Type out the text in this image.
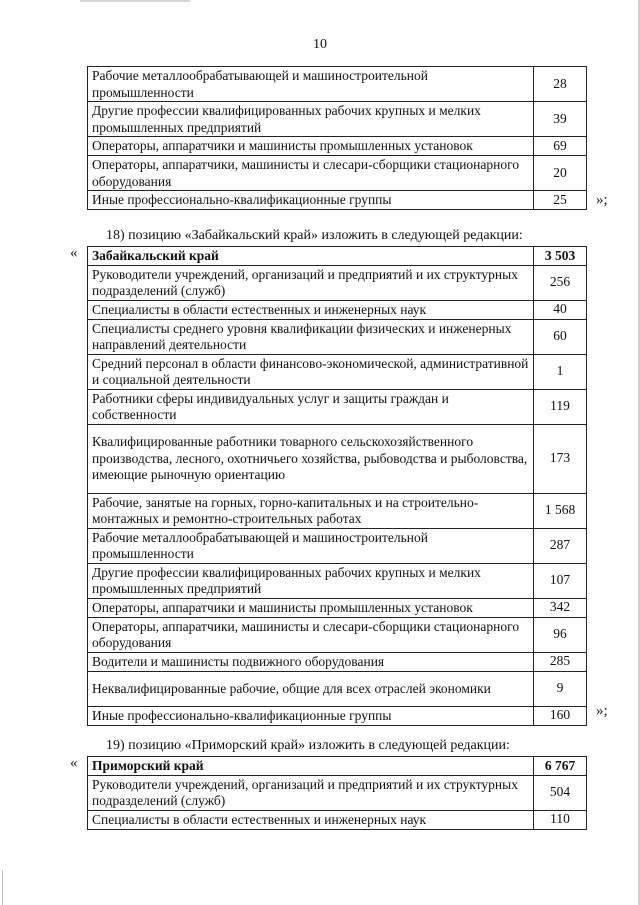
10
Рабочие металлообрабатывающей и машиностроительной промышленности	28
Другие профессии квалифицированных рабочих крупных и мелких промышленных предприятий	39
Операторы, аппаратчики и машинисты промышленных установок	69
Операторы, аппаратчики, машинисты и слесари-сборщики стационарного оборудования	20
Иные профессионально-квалификационные группы	25 »;
18) позицию «Забайкальский край» изложить в следующей редакции:
« Забайкальский край	3 503
Руководители учреждений, организаций и предприятий и их структурных подразделений (служб)	256
Специалисты в области естественных и инженерных наук	40
Специалисты среднего уровня квалификации физических и инженерных направлений деятельности	60
Средний персонал в области финансово-экономической, административной и социальной деятельности	1
Работники сферы индивидуальных услуг и защиты граждан и собственности	119
Квалифицированные работники товарного сельскохозяйственного производства, лесного, охотничьего хозяйства, рыбоводства и рыболовства, имеющие рыночную ориентацию	173
Рабочие, занятые на горных, горно-капитальных и на строительно-монтажных и ремонтно-строительных работах	1 568
Рабочие металлообрабатывающей и машиностроительной промышленности	287
Другие профессии квалифицированных рабочих крупных и мелких промышленных предприятий	107
Операторы, аппаратчики и машинисты промышленных установок	342
Операторы, аппаратчики, машинисты и слесари-сборщики стационарного оборудования	96
Водители и машинисты подвижного оборудования	285
Неквалифицированные рабочие, общие для всех отраслей экономики	9
Иные профессионально-квалификационные группы	160 »;
19) позицию «Приморский край» изложить в следующей редакции:
« Приморский край	6 767
Руководители учреждений, организаций и предприятий и их структурных подразделений (служб)	504
Специалисты в области естественных и инженерных наук	110
